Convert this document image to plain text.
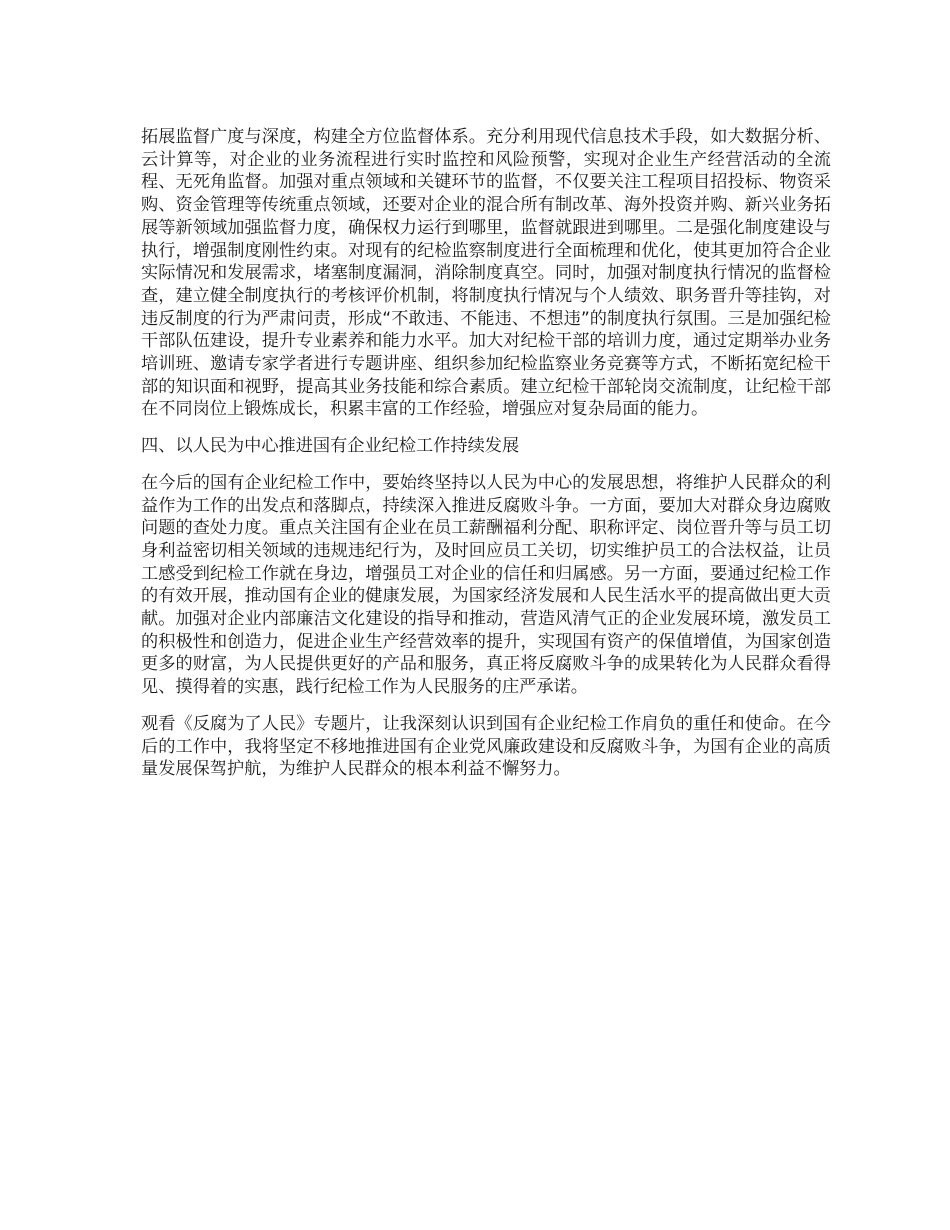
拓展监督广度与深度，构建全方位监督体系。充分利用现代信息技术手段，如大数据分析、云计算等，对企业的业务流程进行实时监控和风险预警，实现对企业生产经营活动的全流程、无死角监督。加强对重点领域和关键环节的监督，不仅要关注工程项目招投标、物资采购、资金管理等传统重点领域，还要对企业的混合所有制改革、海外投资并购、新兴业务拓展等新领域加强监督力度，确保权力运行到哪里，监督就跟进到哪里。二是强化制度建设与执行，增强制度刚性约束。对现有的纪检监察制度进行全面梳理和优化，使其更加符合企业实际情况和发展需求，堵塞制度漏洞，消除制度真空。同时，加强对制度执行情况的监督检查，建立健全制度执行的考核评价机制，将制度执行情况与个人绩效、职务晋升等挂钩，对违反制度的行为严肃问责，形成“不敢违、不能违、不想违”的制度执行氛围。三是加强纪检干部队伍建设，提升专业素养和能力水平。加大对纪检干部的培训力度，通过定期举办业务培训班、邀请专家学者进行专题讲座、组织参加纪检监察业务竞赛等方式，不断拓宽纪检干部的知识面和视野，提高其业务技能和综合素质。建立纪检干部轮岗交流制度，让纪检干部在不同岗位上锻炼成长，积累丰富的工作经验，增强应对复杂局面的能力。

四、以人民为中心推进国有企业纪检工作持续发展

在今后的国有企业纪检工作中，要始终坚持以人民为中心的发展思想，将维护人民群众的利益作为工作的出发点和落脚点，持续深入推进反腐败斗争。一方面，要加大对群众身边腐败问题的查处力度。重点关注国有企业在员工薪酬福利分配、职称评定、岗位晋升等与员工切身利益密切相关领域的违规违纪行为，及时回应员工关切，切实维护员工的合法权益，让员工感受到纪检工作就在身边，增强员工对企业的信任和归属感。另一方面，要通过纪检工作的有效开展，推动国有企业的健康发展，为国家经济发展和人民生活水平的提高做出更大贡献。加强对企业内部廉洁文化建设的指导和推动，营造风清气正的企业发展环境，激发员工的积极性和创造力，促进企业生产经营效率的提升，实现国有资产的保值增值，为国家创造更多的财富，为人民提供更好的产品和服务，真正将反腐败斗争的成果转化为人民群众看得见、摸得着的实惠，践行纪检工作为人民服务的庄严承诺。

观看《反腐为了人民》专题片，让我深刻认识到国有企业纪检工作肩负的重任和使命。在今后的工作中，我将坚定不移地推进国有企业党风廉政建设和反腐败斗争，为国有企业的高质量发展保驾护航，为维护人民群众的根本利益不懈努力。
